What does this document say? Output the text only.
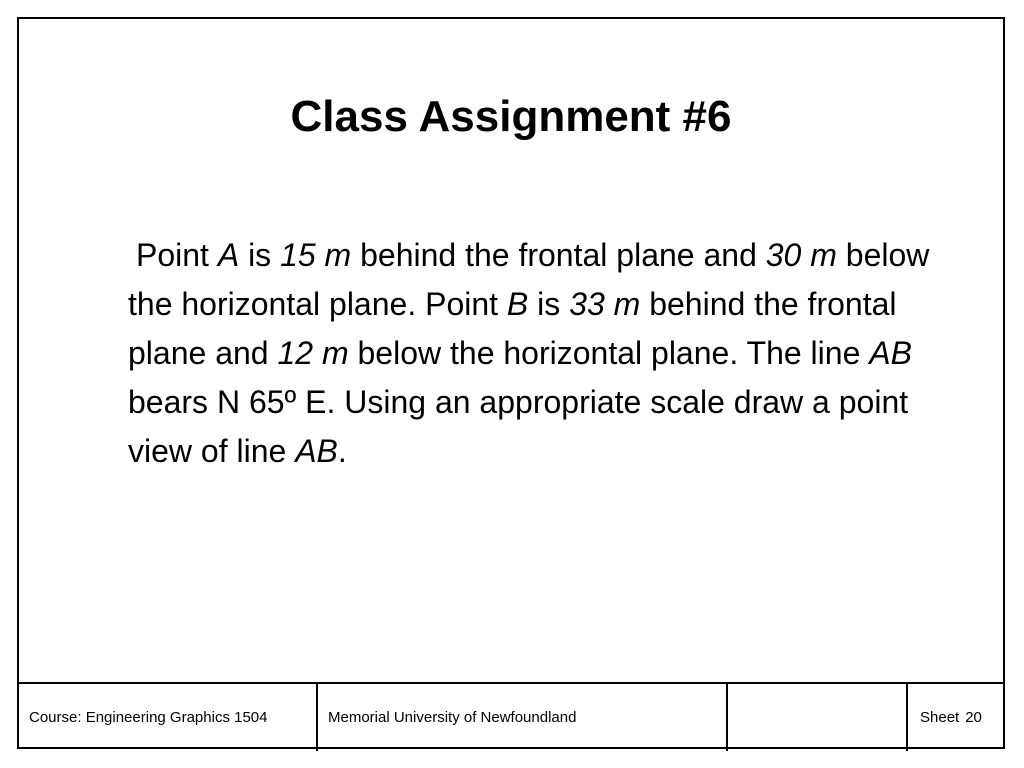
Class Assignment #6
Point A is 15 m behind the frontal plane and 30 m below the horizontal plane. Point B is 33 m behind the frontal plane and 12 m below the horizontal plane. The line AB bears N 65º E. Using an appropriate scale draw a point view of line AB.
Course: Engineering Graphics 1504	Memorial University of Newfoundland	Sheet 20
